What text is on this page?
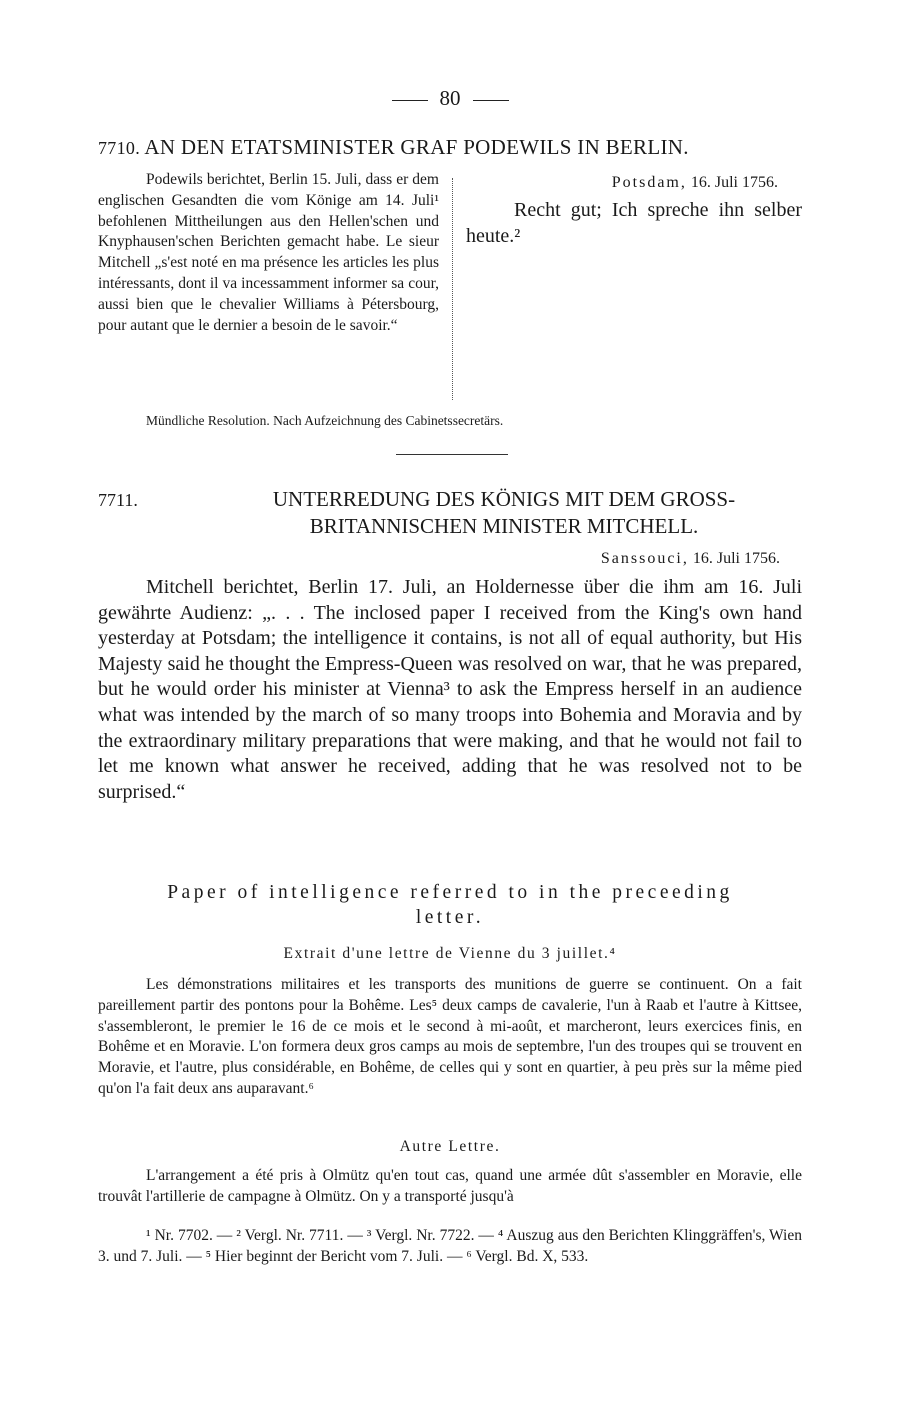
80
7710. AN DEN ETATSMINISTER GRAF PODEWILS IN BERLIN.
Podewils berichtet, Berlin 15. Juli, dass er dem englischen Gesandten die vom Könige am 14. Juli¹ befohlenen Mittheilungen aus den Hellen'schen und Knyphausen'schen Berichten gemacht habe. Le sieur Mitchell „s'est noté en ma présence les articles les plus intéressants, dont il va incessamment informer sa cour, aussi bien que le chevalier Williams à Pétersbourg, pour autant que le dernier a besoin de le savoir.“
Potsdam, 16. Juli 1756.
Recht gut; Ich spreche ihn selber heute.²
Mündliche Resolution. Nach Aufzeichnung des Cabinetssecretärs.
7711.	UNTERREDUNG DES KÖNIGS MIT DEM GROSS-
BRITANNISCHEN MINISTER MITCHELL.
Sanssouci, 16. Juli 1756.
Mitchell berichtet, Berlin 17. Juli, an Holdernesse über die ihm am 16. Juli gewährte Audienz: „. . . The inclosed paper I received from the King's own hand yesterday at Potsdam; the intelligence it contains, is not all of equal authority, but His Majesty said he thought the Empress-Queen was resolved on war, that he was prepared, but he would order his minister at Vienna³ to ask the Empress herself in an audience what was intended by the march of so many troops into Bohemia and Moravia and by the extraordinary military preparations that were making, and that he would not fail to let me known what answer he received, adding that he was resolved not to be surprised.“
Paper of intelligence referred to in the preceeding
letter.
Extrait d'une lettre de Vienne du 3 juillet.⁴
Les démonstrations militaires et les transports des munitions de guerre se continuent. On a fait pareillement partir des pontons pour la Bohême. Les⁵ deux camps de cavalerie, l'un à Raab et l'autre à Kittsee, s'assembleront, le premier le 16 de ce mois et le second à mi-août, et marcheront, leurs exercices finis, en Bohême et en Moravie. L'on formera deux gros camps au mois de septembre, l'un des troupes qui se trouvent en Moravie, et l'autre, plus considérable, en Bohême, de celles qui y sont en quartier, à peu près sur la même pied qu'on l'a fait deux ans auparavant.⁶
Autre Lettre.
L'arrangement a été pris à Olmütz qu'en tout cas, quand une armée dût s'assembler en Moravie, elle trouvât l'artillerie de campagne à Olmütz. On y a transporté jusqu'à
¹ Nr. 7702. — ² Vergl. Nr. 7711. — ³ Vergl. Nr. 7722. — ⁴ Auszug aus den Berichten Klinggräffen's, Wien 3. und 7. Juli. — ⁵ Hier beginnt der Bericht vom 7. Juli. — ⁶ Vergl. Bd. X, 533.
